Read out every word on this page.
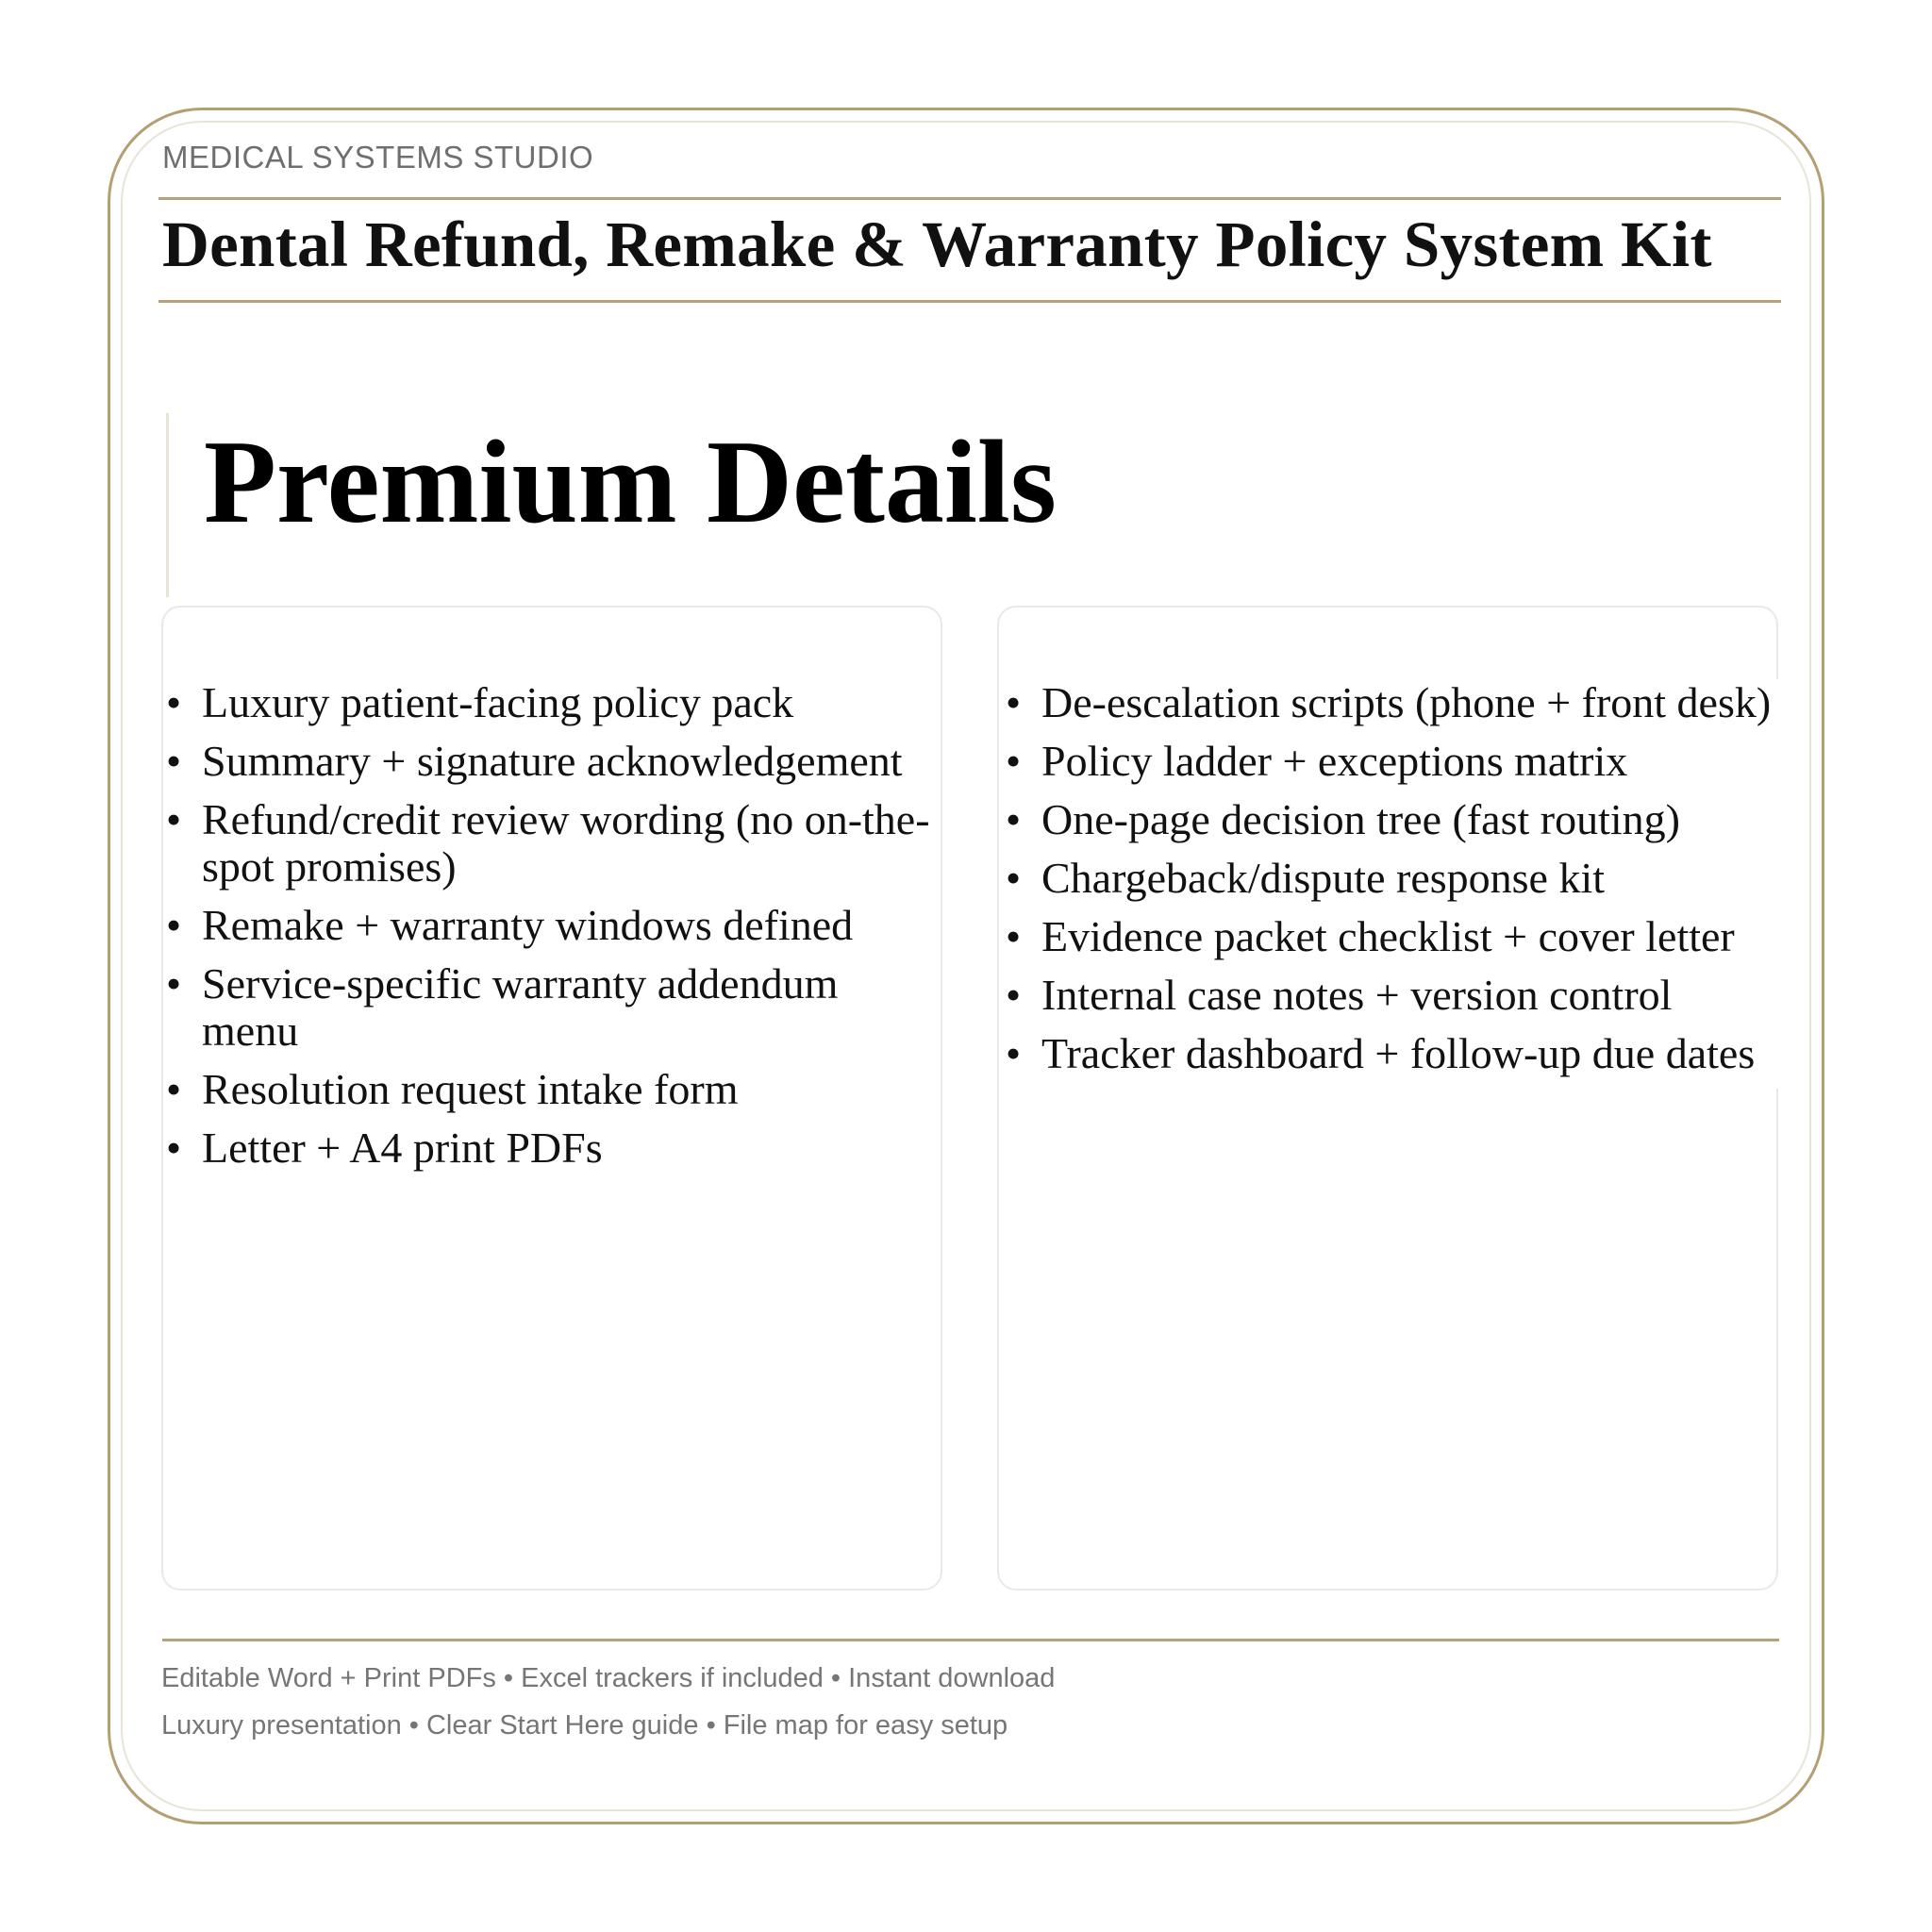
MEDICAL SYSTEMS STUDIO
Dental Refund, Remake & Warranty Policy System Kit
Premium Details
• Luxury patient-facing policy pack
• Summary + signature acknowledgement
• Refund/credit review wording (no on-the-spot promises)
• Remake + warranty windows defined
• Service-specific warranty addendum menu
• Resolution request intake form
• Letter + A4 print PDFs
• De-escalation scripts (phone + front desk)
• Policy ladder + exceptions matrix
• One-page decision tree (fast routing)
• Chargeback/dispute response kit
• Evidence packet checklist + cover letter
• Internal case notes + version control
• Tracker dashboard + follow-up due dates
Editable Word + Print PDFs • Excel trackers if included • Instant download
Luxury presentation • Clear Start Here guide • File map for easy setup
